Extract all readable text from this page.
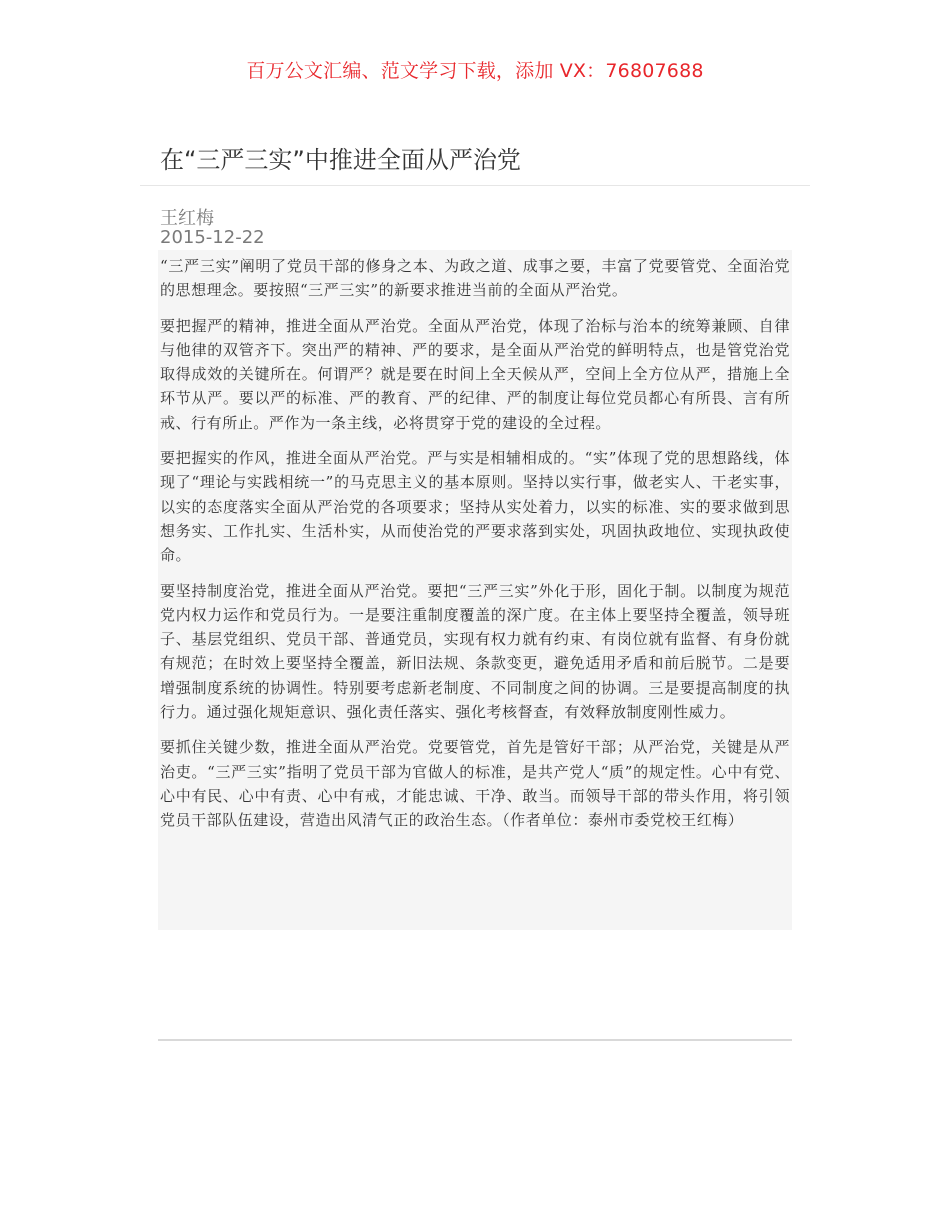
百万公文汇编、范文学习下载，添加 VX：76807688
在“三严三实”中推进全面从严治党
王红梅
2015-12-22

“三严三实”阐明了党员干部的修身之本、为政之道、成事之要，丰富了党要管党、全面治党的思想理念。要按照“三严三实”的新要求推进当前的全面从严治党。

要把握严的精神，推进全面从严治党。全面从严治党，体现了治标与治本的统筹兼顾、自律与他律的双管齐下。突出严的精神、严的要求，是全面从严治党的鲜明特点，也是管党治党取得成效的关键所在。何谓严？就是要在时间上全天候从严，空间上全方位从严，措施上全环节从严。要以严的标准、严的教育、严的纪律、严的制度让每位党员都心有所畏、言有所戒、行有所止。严作为一条主线，必将贯穿于党的建设的全过程。

要把握实的作风，推进全面从严治党。严与实是相辅相成的。“实”体现了党的思想路线，体现了“理论与实践相统一”的马克思主义的基本原则。坚持以实行事，做老实人、干老实事，以实的态度落实全面从严治党的各项要求；坚持从实处着力，以实的标准、实的要求做到思想务实、工作扎实、生活朴实，从而使治党的严要求落到实处，巩固执政地位、实现执政使命。

要坚持制度治党，推进全面从严治党。要把“三严三实”外化于形，固化于制。以制度为规范党内权力运作和党员行为。一是要注重制度覆盖的深广度。在主体上要坚持全覆盖，领导班子、基层党组织、党员干部、普通党员，实现有权力就有约束、有岗位就有监督、有身份就有规范；在时效上要坚持全覆盖，新旧法规、条款变更，避免适用矛盾和前后脱节。二是要增强制度系统的协调性。特别要考虑新老制度、不同制度之间的协调。三是要提高制度的执行力。通过强化规矩意识、强化责任落实、强化考核督查，有效释放制度刚性威力。

要抓住关键少数，推进全面从严治党。党要管党，首先是管好干部；从严治党，关键是从严治吏。“三严三实”指明了党员干部为官做人的标准，是共产党人“质”的规定性。心中有党、心中有民、心中有责、心中有戒，才能忠诚、干净、敢当。而领导干部的带头作用，将引领党员干部队伍建设，营造出风清气正的政治生态。（作者单位：泰州市委党校王红梅）
